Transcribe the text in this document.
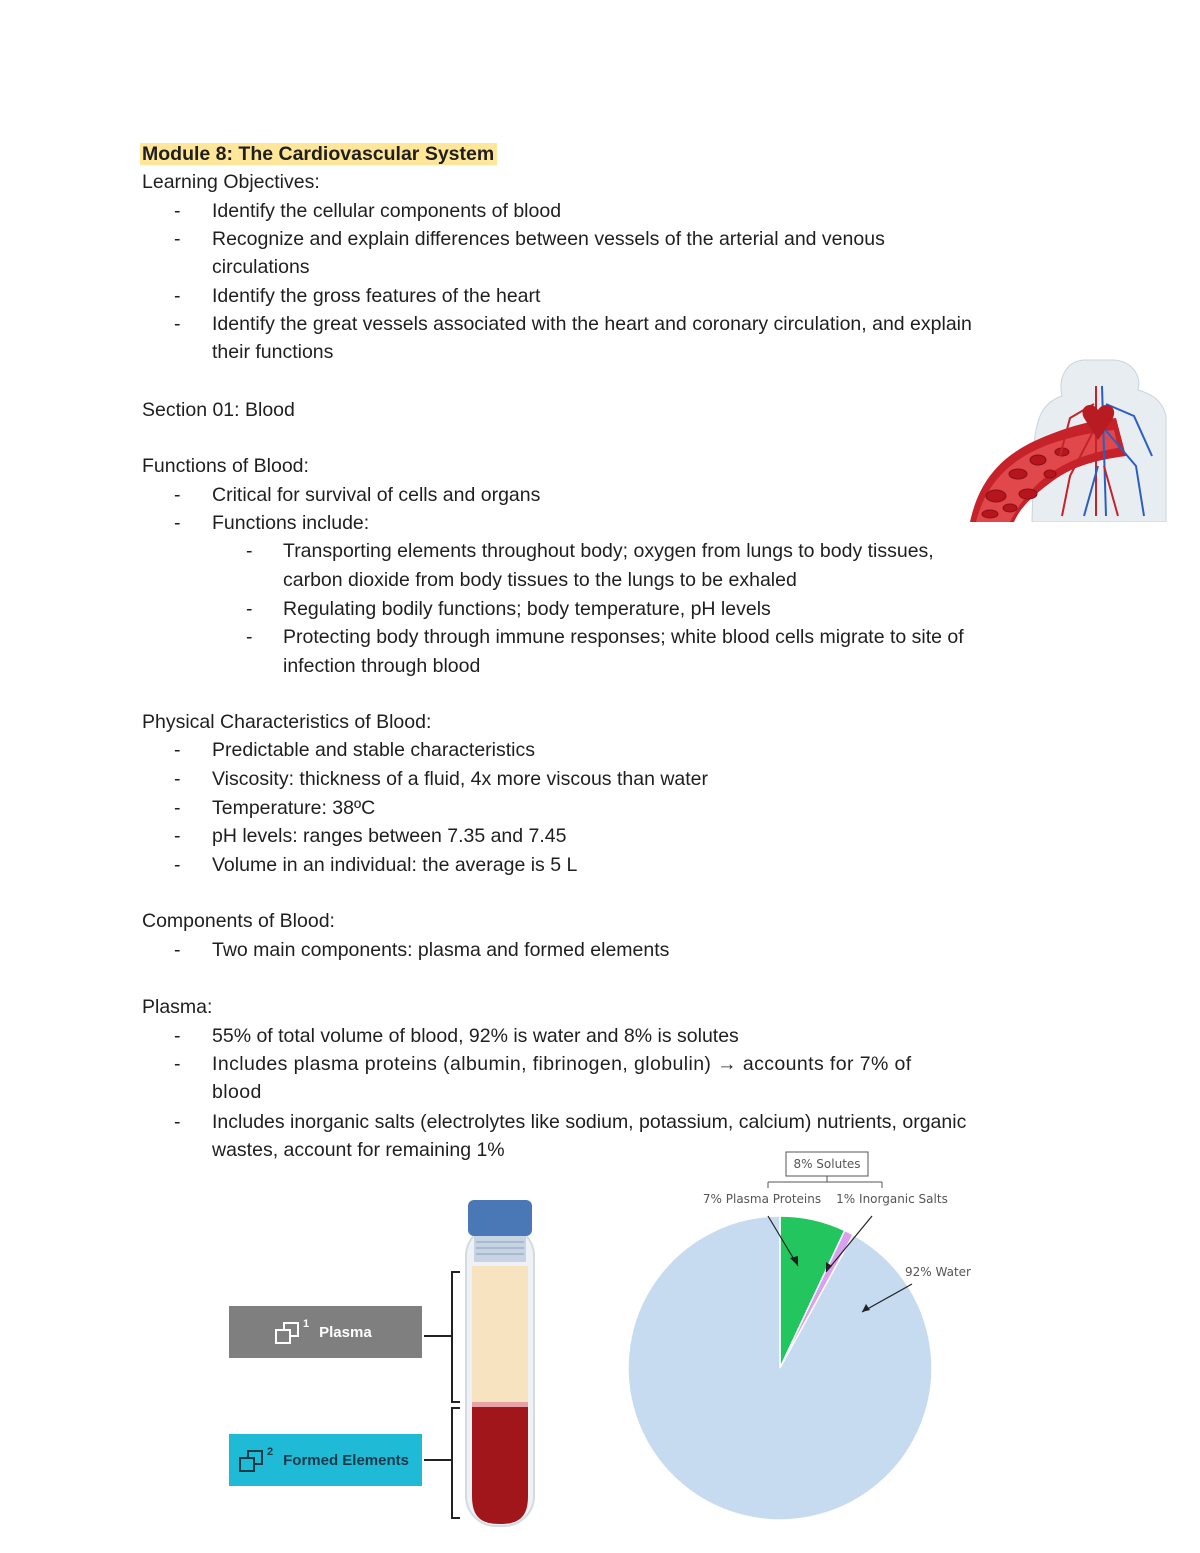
Module 8: The Cardiovascular System
Learning Objectives:
- Identify the cellular components of blood
- Recognize and explain differences between vessels of the arterial and venous
circulations
- Identify the gross features of the heart
- Identify the great vessels associated with the heart and coronary circulation, and explain
their functions
Section 01: Blood
Functions of Blood:
- Critical for survival of cells and organs
- Functions include:
- Transporting elements throughout body; oxygen from lungs to body tissues,
carbon dioxide from body tissues to the lungs to be exhaled
- Regulating bodily functions; body temperature, pH levels
- Protecting body through immune responses; white blood cells migrate to site of
infection through blood
Physical Characteristics of Blood:
- Predictable and stable characteristics
- Viscosity: thickness of a fluid, 4x more viscous than water
- Temperature: 38ºC
- pH levels: ranges between 7.35 and 7.45
- Volume in an individual: the average is 5 L
Components of Blood:
- Two main components: plasma and formed elements
Plasma:
- 55% of total volume of blood, 92% is water and 8% is solutes
- Includes plasma proteins (albumin, fibrinogen, globulin) → accounts for 7% of
blood
- Includes inorganic salts (electrolytes like sodium, potassium, calcium) nutrients, organic
wastes, account for remaining 1%
1 Plasma
2 Formed Elements
8% Solutes
7% Plasma Proteins 1% Inorganic Salts
92% Water
